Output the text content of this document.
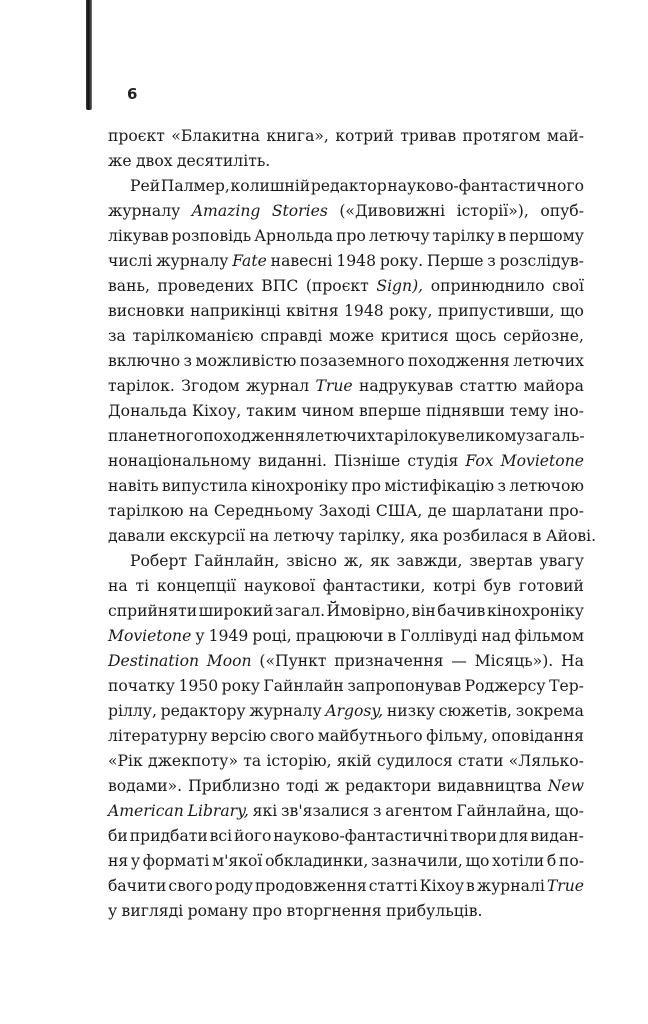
6
проєкт «Блакитна книга», котрий тривав протягом май-
же двох десятиліть.
Рей Палмер, колишній редактор науково-фантастичного
журналу Amazing Stories («Дивовижні історії»), опуб-
лікував розповідь Арнольда про летючу тарілку в першому
числі журналу Fate навесні 1948 року. Перше з розслідув-
вань, проведених ВПС (проєкт Sign), опринюднило свої
висновки наприкінці квітня 1948 року, припустивши, що
за тарілкоманією справді може критися щось серйозне,
включно з можливістю позаземного походження летючих
тарілок. Згодом журнал True надрукував статтю майора
Дональда Кіхоу, таким чином вперше піднявши тему іно-
планетного походження летючих тарілок у великому загаль-
нонаціональному виданні. Пізніше студія Fox Movietone
навіть випустила кінохроніку про містифікацію з летючою
тарілкою на Середньому Заході США, де шарлатани про-
давали екскурсії на летючу тарілку, яка розбилася в Айові.
Роберт Гайнлайн, звісно ж, як завжди, звертав увагу
на ті концепції наукової фантастики, котрі був готовий
сприйняти широкий загал. Ймовірно, він бачив кінохроніку
Movietone у 1949 році, працюючи в Голлівуді над фільмом
Destination Moon («Пункт призначення — Місяць»). На
початку 1950 року Гайнлайн запропонував Роджерсу Тер-
ріллу, редактору журналу Argosy, низку сюжетів, зокрема
літературну версію свого майбутнього фільму, оповідання
«Рік джекпоту» та історію, якій судилося стати «Лялько-
водами». Приблизно тоді ж редактори видавництва New
American Library, які зв'язалися з агентом Гайнлайна, що-
би придбати всі його науково-фантастичні твори для видан-
ня у форматі м'якої обкладинки, зазначили, що хотіли б по-
бачити свого роду продовження статті Кіхоу в журналі True
у вигляді роману про вторгнення прибульців.
